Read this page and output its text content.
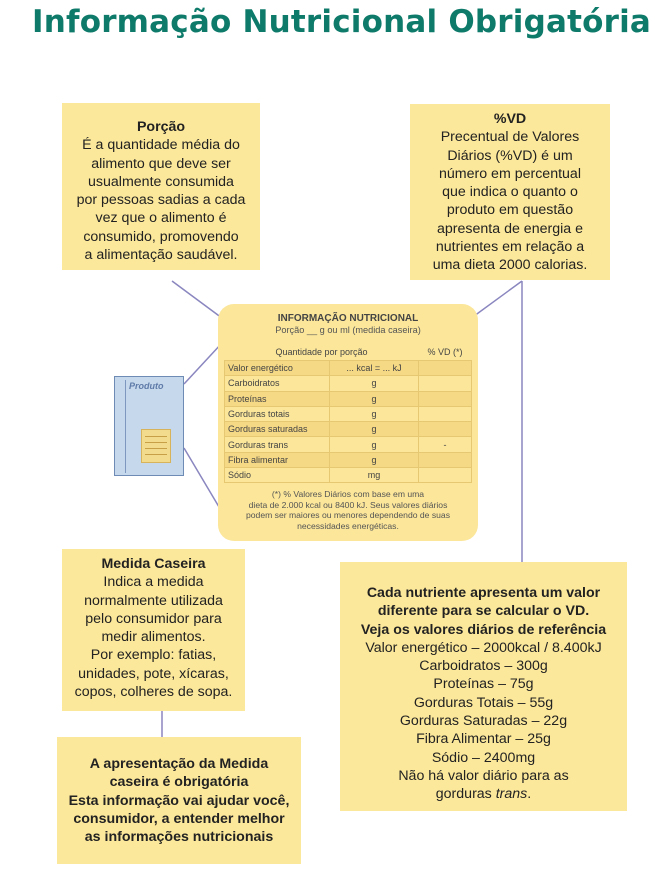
Informação Nutricional Obrigatória
Porção
É a quantidade média do
alimento que deve ser
usualmente consumida
por pessoas sadias a cada
vez que o alimento é
consumido, promovendo
a alimentação saudável.
%VD
Precentual de Valores
Diários (%VD) é um
número em percentual
que indica o quanto o
produto em questão
apresenta de energia e
nutrientes em relação a
uma dieta 2000 calorias.
Produto
INFORMAÇÃO NUTRICIONAL
Porção __ g ou ml (medida caseira)
Quantidade por porção		% VD (*)
Valor energético	... kcal = ... kJ	
Carboidratos	g	
Proteínas	g	
Gorduras totais	g	
Gorduras saturadas	g	
Gorduras trans	g	-
Fibra alimentar	g	
Sódio	mg	
(*) % Valores Diários com base em uma
dieta de 2.000 kcal ou 8400 kJ. Seus valores diários
podem ser maiores ou menores dependendo de suas
necessidades energéticas.
Medida Caseira
Indica a medida
normalmente utilizada
pelo consumidor para
medir alimentos.
Por exemplo: fatias,
unidades, pote, xícaras,
copos, colheres de sopa.
A apresentação da Medida
caseira é obrigatória
Esta informação vai ajudar você,
consumidor, a entender melhor
as informações nutricionais
Cada nutriente apresenta um valor
diferente para se calcular o VD.
Veja os valores diários de referência
Valor energético – 2000kcal / 8.400kJ
Carboidratos – 300g
Proteínas – 75g
Gorduras Totais – 55g
Gorduras Saturadas – 22g
Fibra Alimentar – 25g
Sódio – 2400mg
Não há valor diário para as
gorduras trans.
